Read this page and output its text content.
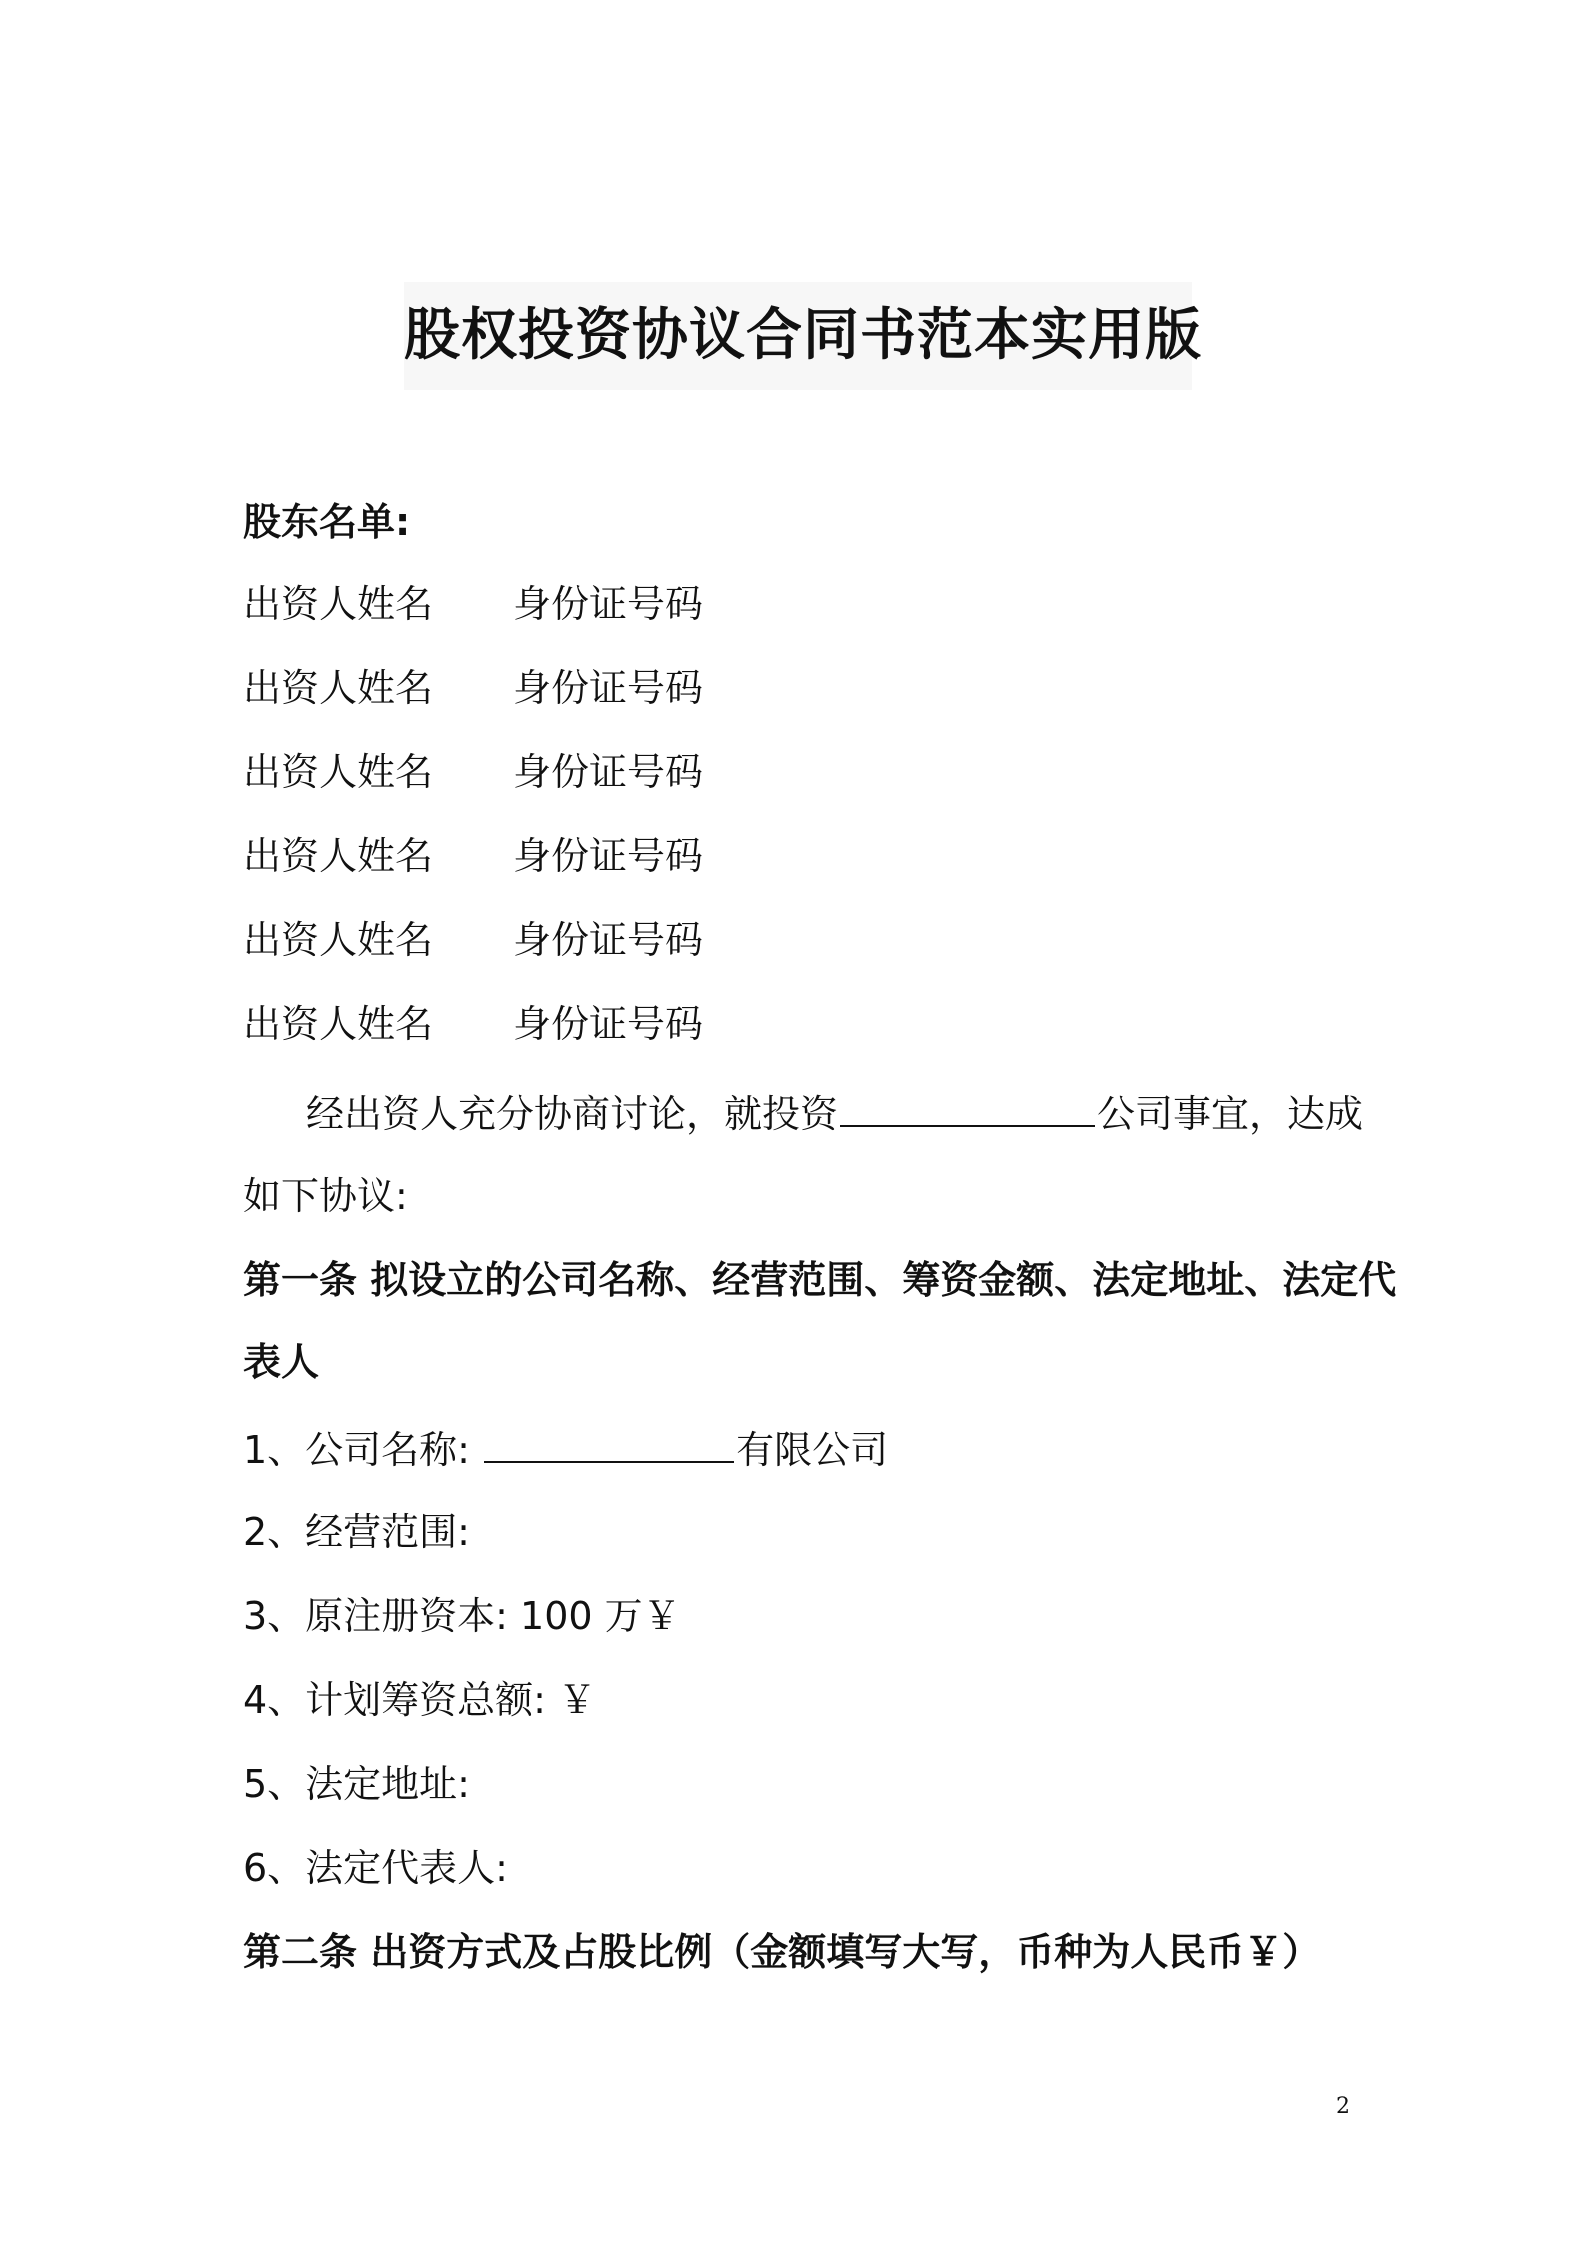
股权投资协议合同书范本实用版
股东名单:
出资人姓名 身份证号码
出资人姓名 身份证号码
出资人姓名 身份证号码
出资人姓名 身份证号码
出资人姓名 身份证号码
出资人姓名 身份证号码
经出资人充分协商讨论，就投资	公司事宜，达成
如下协议:
第一条 拟设立的公司名称、经营范围、筹资金额、法定地址、法定代
表人
1、公司名称:	有限公司
2、经营范围:
3、原注册资本: 100 万￥
4、计划筹资总额: ￥
5、法定地址:
6、法定代表人:
第二条 出资方式及占股比例（金额填写大写，币种为人民币￥）
2
